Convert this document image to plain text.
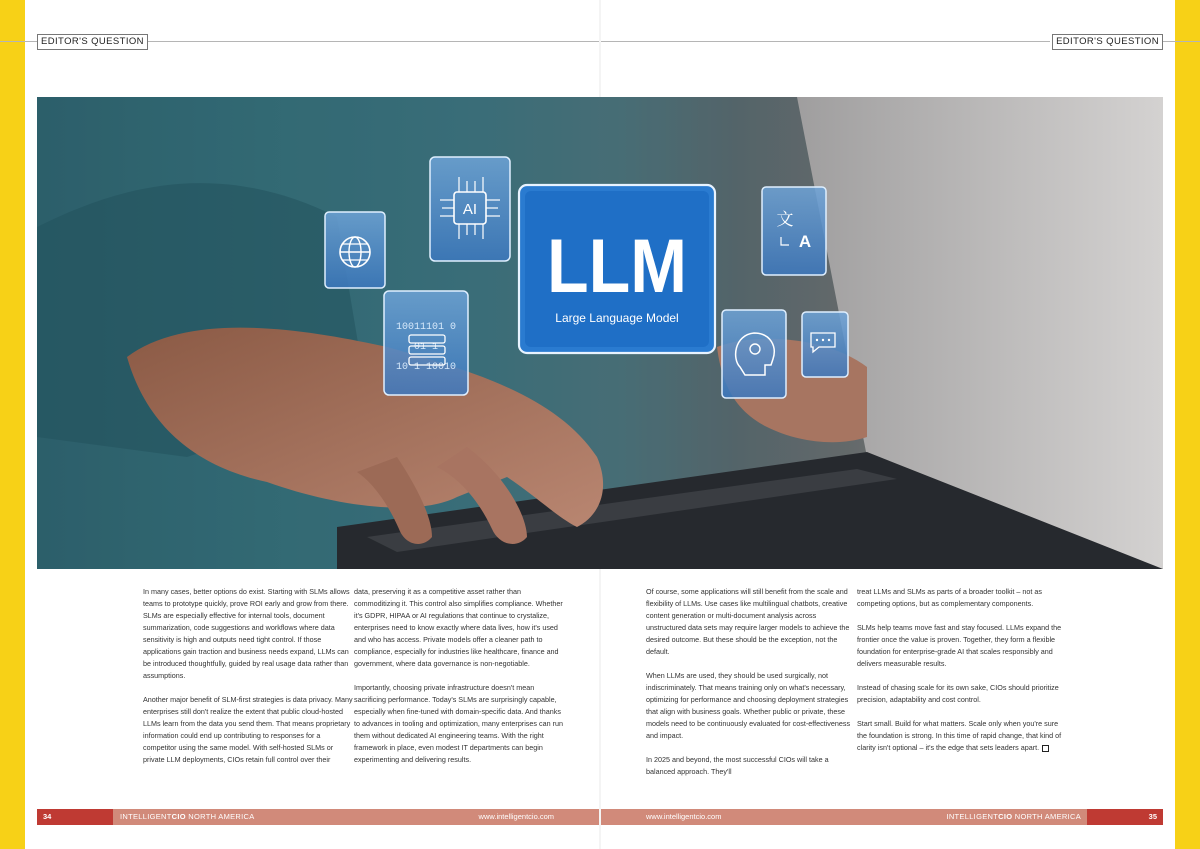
EDITOR'S QUESTION	EDITOR'S QUESTION
AI
LLM
Large Language Model
10011101 0
01 1
10 1 10010
文
A

In many cases, better options do exist. Starting with SLMs allows teams to prototype quickly, prove ROI early and grow from there. SLMs are especially effective for internal tools, document summarization, code suggestions and workflows where data sensitivity is high and outputs need tight control. If those applications gain traction and business needs expand, LLMs can be introduced thoughtfully, guided by real usage data rather than assumptions.

Another major benefit of SLM-first strategies is data privacy. Many enterprises still don't realize the extent that public cloud-hosted LLMs learn from the data you send them. That means proprietary information could end up contributing to responses for a competitor using the same model. With self-hosted SLMs or private LLM deployments, CIOs retain full control over their

data, preserving it as a competitive asset rather than commoditizing it. This control also simplifies compliance. Whether it's GDPR, HIPAA or AI regulations that continue to crystalize, enterprises need to know exactly where data lives, how it's used and who has access. Private models offer a cleaner path to compliance, especially for industries like healthcare, finance and government, where data governance is non-negotiable.

Importantly, choosing private infrastructure doesn't mean sacrificing performance. Today's SLMs are surprisingly capable, especially when fine-tuned with domain-specific data. And thanks to advances in tooling and optimization, many enterprises can run them without dedicated AI engineering teams. With the right framework in place, even modest IT departments can begin experimenting and delivering results.

Of course, some applications will still benefit from the scale and flexibility of LLMs. Use cases like multilingual chatbots, creative content generation or multi-document analysis across unstructured data sets may require larger models to achieve the desired outcome. But these should be the exception, not the default.

When LLMs are used, they should be used surgically, not indiscriminately. That means training only on what's necessary, optimizing for performance and choosing deployment strategies that align with business goals. Whether public or private, these models need to be continuously evaluated for cost-effectiveness and impact.

In 2025 and beyond, the most successful CIOs will take a balanced approach. They'll

treat LLMs and SLMs as parts of a broader toolkit – not as competing options, but as complementary components.

SLMs help teams move fast and stay focused. LLMs expand the frontier once the value is proven. Together, they form a flexible foundation for enterprise-grade AI that scales responsibly and delivers measurable results.

Instead of chasing scale for its own sake, CIOs should prioritize precision, adaptability and cost control.

Start small. Build for what matters. Scale only when you're sure the foundation is strong. In this time of rapid change, that kind of clarity isn't optional – it's the edge that sets leaders apart.

34	INTELLIGENTCIO NORTH AMERICA	www.intelligentcio.com	www.intelligentcio.com	INTELLIGENTCIO NORTH AMERICA	35
